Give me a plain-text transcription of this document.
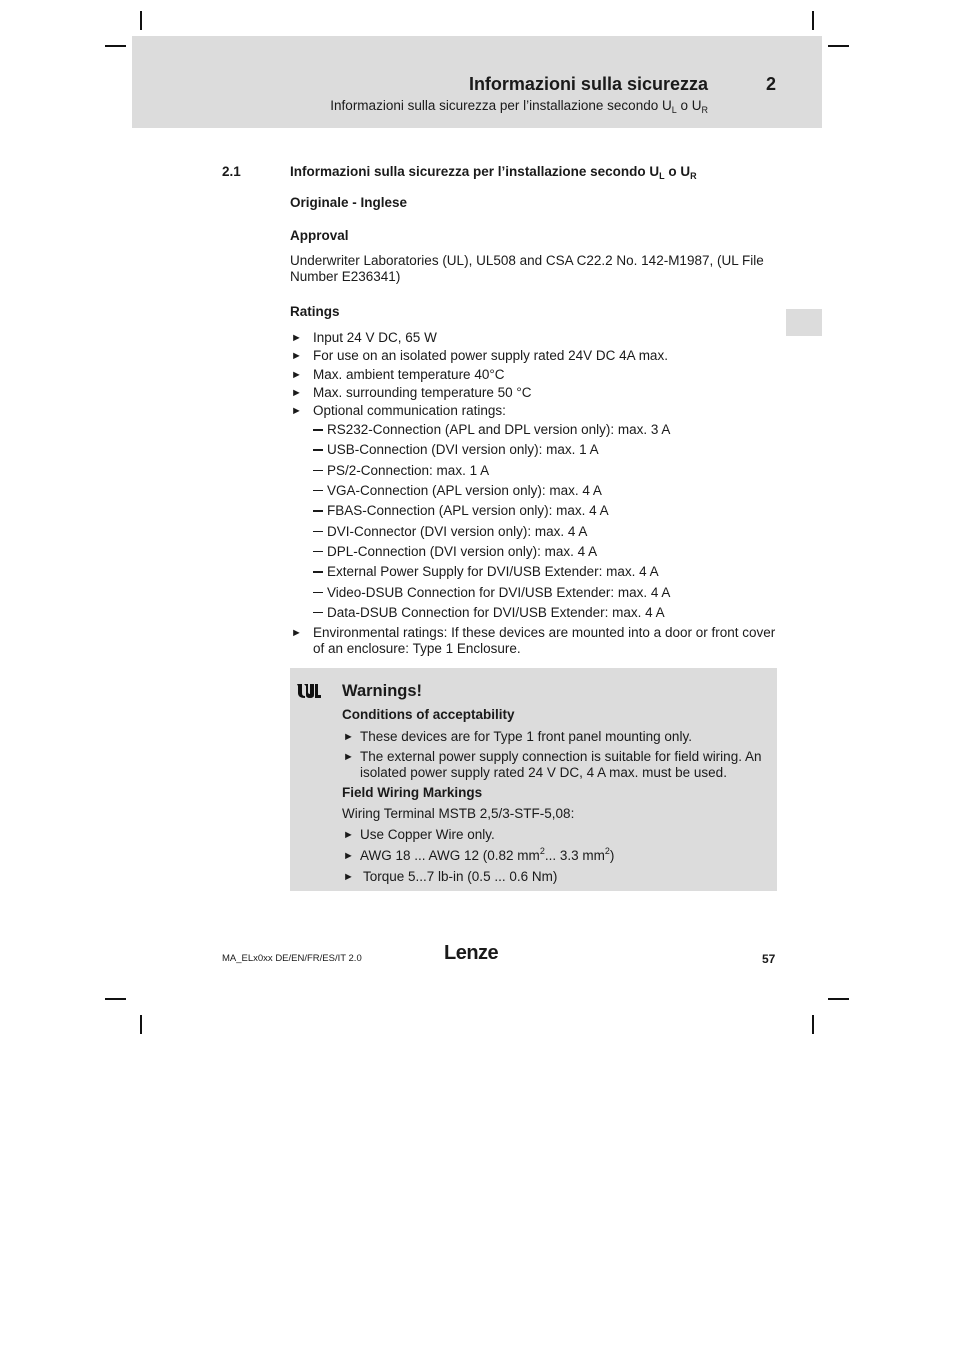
Informazioni sulla sicurezza	2
Informazioni sulla sicurezza per l’installazione secondo $U_L$ o $U_R$
2.1	Informazioni sulla sicurezza per l’installazione secondo $U_L$ o $U_R$

Originale - Inglese

Approval

Underwriter Laboratories (UL), UL508 and CSA C22.2 No. 142-M1987, (UL File Number E236341)

Ratings

► Input 24 V DC, 65 W
► For use on an isolated power supply rated 24V DC 4A max.
► Max. ambient temperature 40°C
► Max. surrounding temperature 50 °C
► Optional communication ratings:
RS232-Connection (APL and DPL version only): max. 3 A
USB-Connection (DVI version only): max. 1 A
PS/2-Connection: max. 1 A
VGA-Connection (APL version only): max. 4 A
FBAS-Connection (APL version only): max. 4 A
DVI-Connector (DVI version only): max. 4 A
DPL-Connection (DVI version only): max. 4 A
External Power Supply for DVI/USB Extender: max. 4 A
Video-DSUB Connection for DVI/USB Extender: max. 4 A
Data-DSUB Connection for DVI/USB Extender: max. 4 A
► Environmental ratings: If these devices are mounted into a door or front cover of an enclosure: Type 1 Enclosure.
Warnings!

Conditions of acceptability

► These devices are for Type 1 front panel mounting only.
► The external power supply connection is suitable for field wiring. An isolated power supply rated 24 V DC, 4 A max. must be used.

Field Wiring Markings

Wiring Terminal MSTB 2,5/3-STF-5,08:

► Use Copper Wire only.
► AWG 18 ... AWG 12 (0.82 $mm^2$... 3.3 $mm^2$)
► Torque 5...7 lb-in (0.5 ... 0.6 Nm)
MA_ELx0xx DE/EN/FR/ES/IT 2.0	Lenze	57
